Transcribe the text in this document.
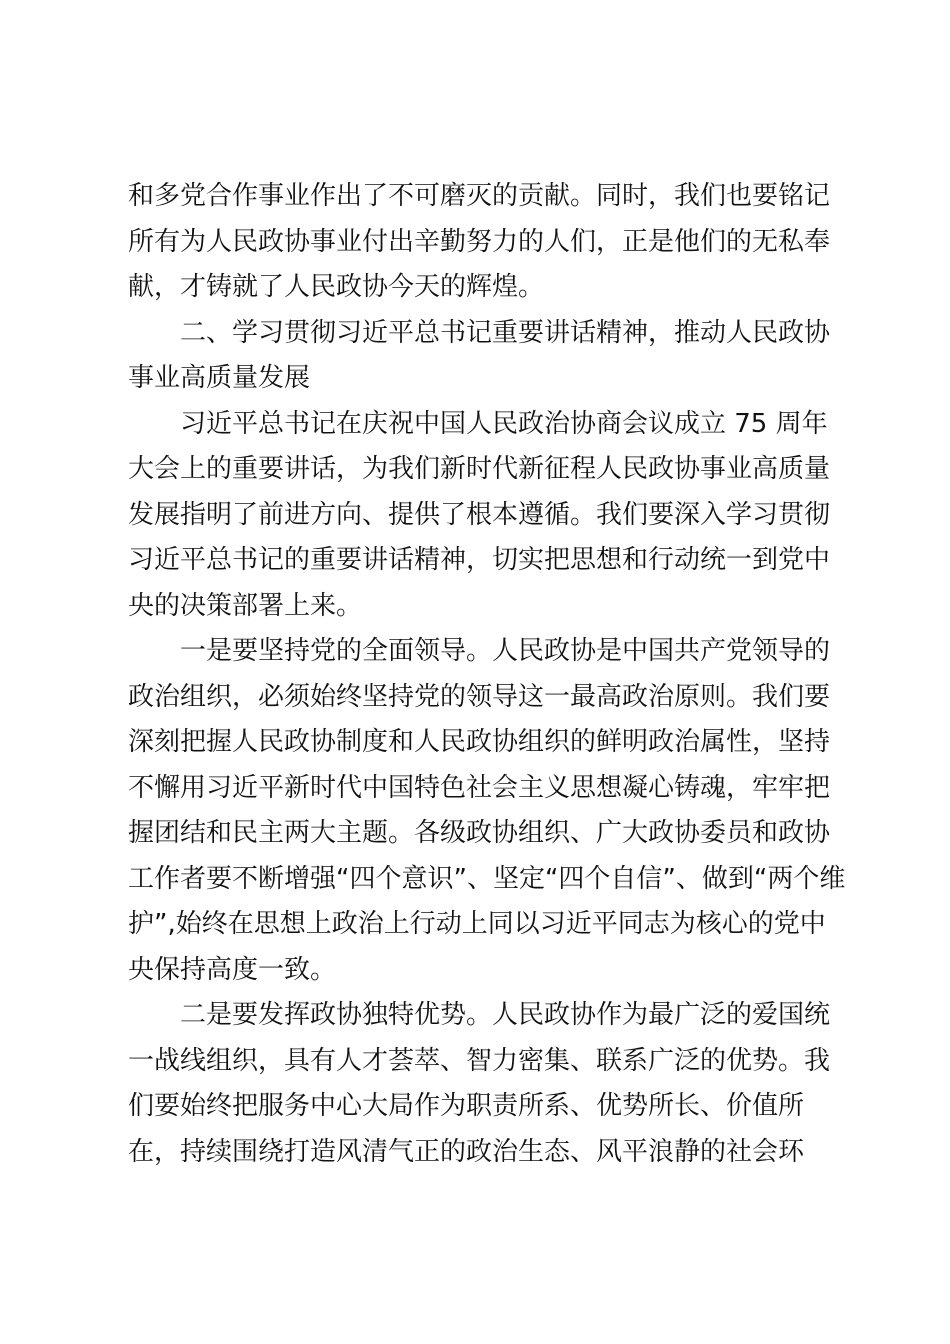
和多党合作事业作出了不可磨灭的贡献。同时，我们也要铭记
所有为人民政协事业付出辛勤努力的人们，正是他们的无私奉
献，才铸就了人民政协今天的辉煌。
二、学习贯彻习近平总书记重要讲话精神，推动人民政协
事业高质量发展
习近平总书记在庆祝中国人民政治协商会议成立 75 周年
大会上的重要讲话，为我们新时代新征程人民政协事业高质量
发展指明了前进方向、提供了根本遵循。我们要深入学习贯彻
习近平总书记的重要讲话精神，切实把思想和行动统一到党中
央的决策部署上来。
一是要坚持党的全面领导。人民政协是中国共产党领导的
政治组织，必须始终坚持党的领导这一最高政治原则。我们要
深刻把握人民政协制度和人民政协组织的鲜明政治属性，坚持
不懈用习近平新时代中国特色社会主义思想凝心铸魂，牢牢把
握团结和民主两大主题。各级政协组织、广大政协委员和政协
工作者要不断增强“四个意识”、坚定“四个自信”、做到“两个维
护”,始终在思想上政治上行动上同以习近平同志为核心的党中
央保持高度一致。
二是要发挥政协独特优势。人民政协作为最广泛的爱国统
一战线组织，具有人才荟萃、智力密集、联系广泛的优势。我
们要始终把服务中心大局作为职责所系、优势所长、价值所
在，持续围绕打造风清气正的政治生态、风平浪静的社会环
